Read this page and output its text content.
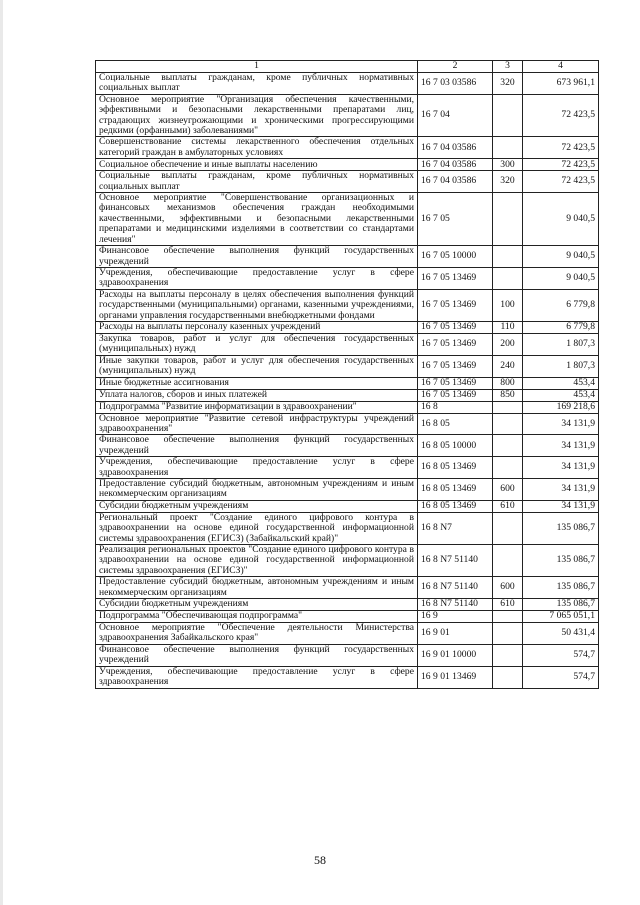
1	2	3	4
Социальные выплаты гражданам, кроме публичных нормативных социальных выплат	16 7 03 03586	320	673 961,1
Основное мероприятие "Организация обеспечения качественными, эффективными и безопасными лекарственными препаратами лиц, страдающих жизнеугрожающими и хроническими прогрессирующими редкими (орфанными) заболеваниями"	16 7 04		72 423,5
Совершенствование системы лекарственного обеспечения отдельных категорий граждан в амбулаторных условиях	16 7 04 03586		72 423,5
Социальное обеспечение и иные выплаты населению	16 7 04 03586	300	72 423,5
Социальные выплаты гражданам, кроме публичных нормативных социальных выплат	16 7 04 03586	320	72 423,5
Основное мероприятие "Совершенствование организационных и финансовых механизмов обеспечения граждан необходимыми качественными, эффективными и безопасными лекарственными препаратами и медицинскими изделиями в соответствии со стандартами лечения"	16 7 05		9 040,5
Финансовое обеспечение выполнения функций государственных учреждений	16 7 05 10000		9 040,5
Учреждения, обеспечивающие предоставление услуг в сфере здравоохранения	16 7 05 13469		9 040,5
Расходы на выплаты персоналу в целях обеспечения выполнения функций государственными (муниципальными) органами, казенными учреждениями, органами управления государственными внебюджетными фондами	16 7 05 13469	100	6 779,8
Расходы на выплаты персоналу казенных учреждений	16 7 05 13469	110	6 779,8
Закупка товаров, работ и услуг для обеспечения государственных (муниципальных) нужд	16 7 05 13469	200	1 807,3
Иные закупки товаров, работ и услуг для обеспечения государственных (муниципальных) нужд	16 7 05 13469	240	1 807,3
Иные бюджетные ассигнования	16 7 05 13469	800	453,4
Уплата налогов, сборов и иных платежей	16 7 05 13469	850	453,4
Подпрограмма "Развитие информатизации в здравоохранении"	16 8		169 218,6
Основное мероприятие "Развитие сетевой инфраструктуры учреждений здравоохранения"	16 8 05		34 131,9
Финансовое обеспечение выполнения функций государственных учреждений	16 8 05 10000		34 131,9
Учреждения, обеспечивающие предоставление услуг в сфере здравоохранения	16 8 05 13469		34 131,9
Предоставление субсидий бюджетным, автономным учреждениям и иным некоммерческим организациям	16 8 05 13469	600	34 131,9
Субсидии бюджетным учреждениям	16 8 05 13469	610	34 131,9
Региональный проект "Создание единого цифрового контура в здравоохранении на основе единой государственной информационной системы здравоохранения (ЕГИСЗ) (Забайкальский край)"	16 8 N7		135 086,7
Реализация региональных проектов "Создание единого цифрового контура в здравоохранении на основе единой государственной информационной системы здравоохранения (ЕГИСЗ)"	16 8 N7 51140		135 086,7
Предоставление субсидий бюджетным, автономным учреждениям и иным некоммерческим организациям	16 8 N7 51140	600	135 086,7
Субсидии бюджетным учреждениям	16 8 N7 51140	610	135 086,7
Подпрограмма "Обеспечивающая подпрограмма"	16 9		7 065 051,1
Основное мероприятие "Обеспечение деятельности Министерства здравоохранения Забайкальского края"	16 9 01		50 431,4
Финансовое обеспечение выполнения функций государственных учреждений	16 9 01 10000		574,7
Учреждения, обеспечивающие предоставление услуг в сфере здравоохранения	16 9 01 13469		574,7
58
